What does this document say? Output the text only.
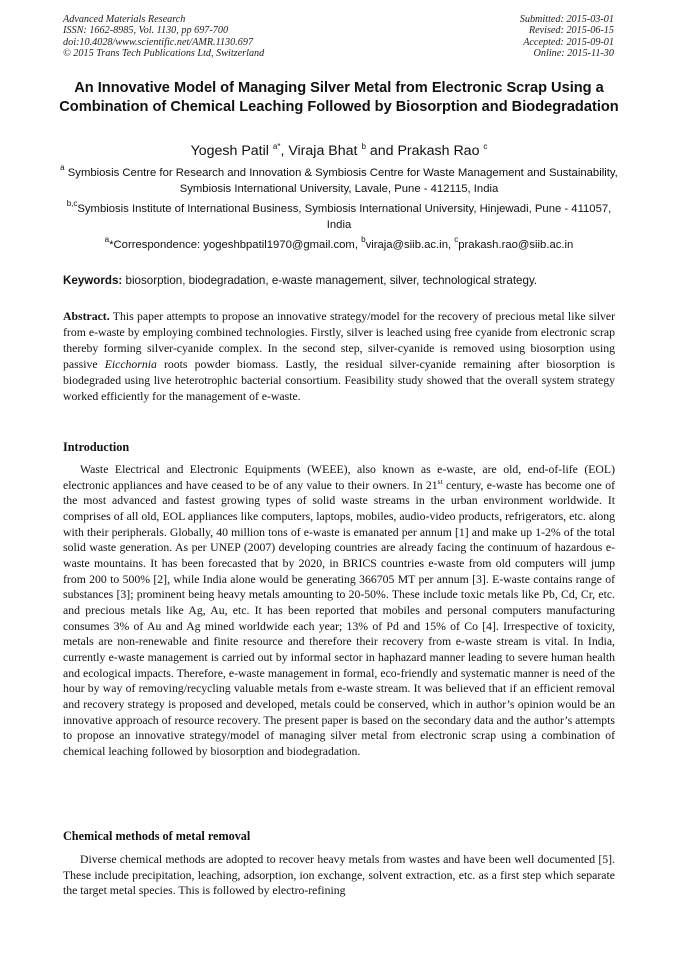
Advanced Materials Research
ISSN: 1662-8985, Vol. 1130, pp 697-700
doi:10.4028/www.scientific.net/AMR.1130.697
© 2015 Trans Tech Publications Ltd, Switzerland
Submitted: 2015-03-01
Revised: 2015-06-15
Accepted: 2015-09-01
Online: 2015-11-30
An Innovative Model of Managing Silver Metal from Electronic Scrap Using a Combination of Chemical Leaching Followed by Biosorption and Biodegradation
Yogesh Patil $^{a*}$, Viraja Bhat $^b$ and Prakash Rao $^c$
$^a$ Symbiosis Centre for Research and Innovation & Symbiosis Centre for Waste Management and Sustainability, Symbiosis International University, Lavale, Pune - 412115, India
$^{b,c}$Symbiosis Institute of International Business, Symbiosis International University, Hinjewadi, Pune - 411057, India
$^a$*Correspondence: yogeshbpatil1970@gmail.com, $^b$viraja@siib.ac.in, $^c$prakash.rao@siib.ac.in
Keywords: biosorption, biodegradation, e-waste management, silver, technological strategy.
Abstract. This paper attempts to propose an innovative strategy/model for the recovery of precious metal like silver from e-waste by employing combined technologies. Firstly, silver is leached using free cyanide from electronic scrap thereby forming silver-cyanide complex. In the second step, silver-cyanide is removed using biosorption using passive Eicchornia roots powder biomass. Lastly, the residual silver-cyanide remaining after biosorption is biodegraded using live heterotrophic bacterial consortium. Feasibility study showed that the overall system strategy worked efficiently for the management of e-waste.
Introduction
Waste Electrical and Electronic Equipments (WEEE), also known as e-waste, are old, end-of-life (EOL) electronic appliances and have ceased to be of any value to their owners. In 21st century, e-waste has become one of the most advanced and fastest growing types of solid waste streams in the urban environment worldwide. It comprises of all old, EOL appliances like computers, laptops, mobiles, audio-video products, refrigerators, etc. along with their peripherals. Globally, 40 million tons of e-waste is emanated per annum [1] and make up 1-2% of the total solid waste generation. As per UNEP (2007) developing countries are already facing the continuum of hazardous e-waste mountains. It has been forecasted that by 2020, in BRICS countries e-waste from old computers will jump from 200 to 500% [2], while India alone would be generating 366705 MT per annum [3]. E-waste contains range of substances [3]; prominent being heavy metals amounting to 20-50%. These include toxic metals like Pb, Cd, Cr, etc. and precious metals like Ag, Au, etc. It has been reported that mobiles and personal computers manufacturing consumes 3% of Au and Ag mined worldwide each year; 13% of Pd and 15% of Co [4]. Irrespective of toxicity, metals are non-renewable and finite resource and therefore their recovery from e-waste stream is vital. In India, currently e-waste management is carried out by informal sector in haphazard manner leading to severe human health and ecological impacts. Therefore, e-waste management in formal, eco-friendly and systematic manner is need of the hour by way of removing/recycling valuable metals from e-waste stream. It was believed that if an efficient removal and recovery strategy is proposed and developed, metals could be conserved, which in author’s opinion would be an innovative approach of resource recovery. The present paper is based on the secondary data and the author’s attempts to propose an innovative strategy/model of managing silver metal from electronic scrap using a combination of chemical leaching followed by biosorption and biodegradation.
Chemical methods of metal removal
Diverse chemical methods are adopted to recover heavy metals from wastes and have been well documented [5]. These include precipitation, leaching, adsorption, ion exchange, solvent extraction, etc. as a first step which separate the target metal species. This is followed by electro-refining
